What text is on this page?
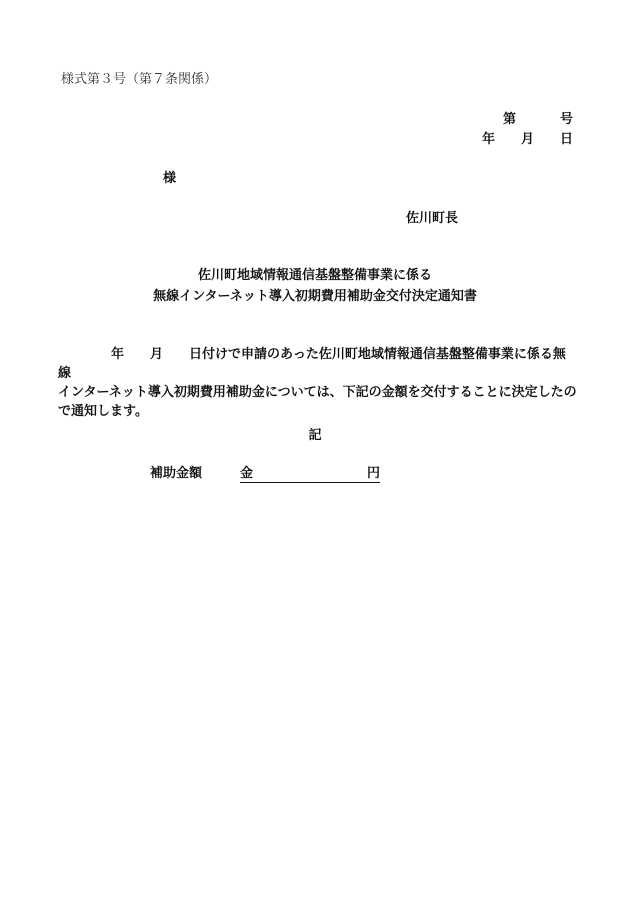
様式第３号（第７条関係）
第	号
年 月 日
様
佐川町長
佐川町地域情報通信基盤整備事業に係る
無線インターネット導入初期費用補助金交付決定通知書
年 月 日付けで申請のあった佐川町地域情報通信基盤整備事業に係る無線
インターネット導入初期費用補助金については、下記の金額を交付することに決定したの
で通知します。
記
補助金額	金	円
